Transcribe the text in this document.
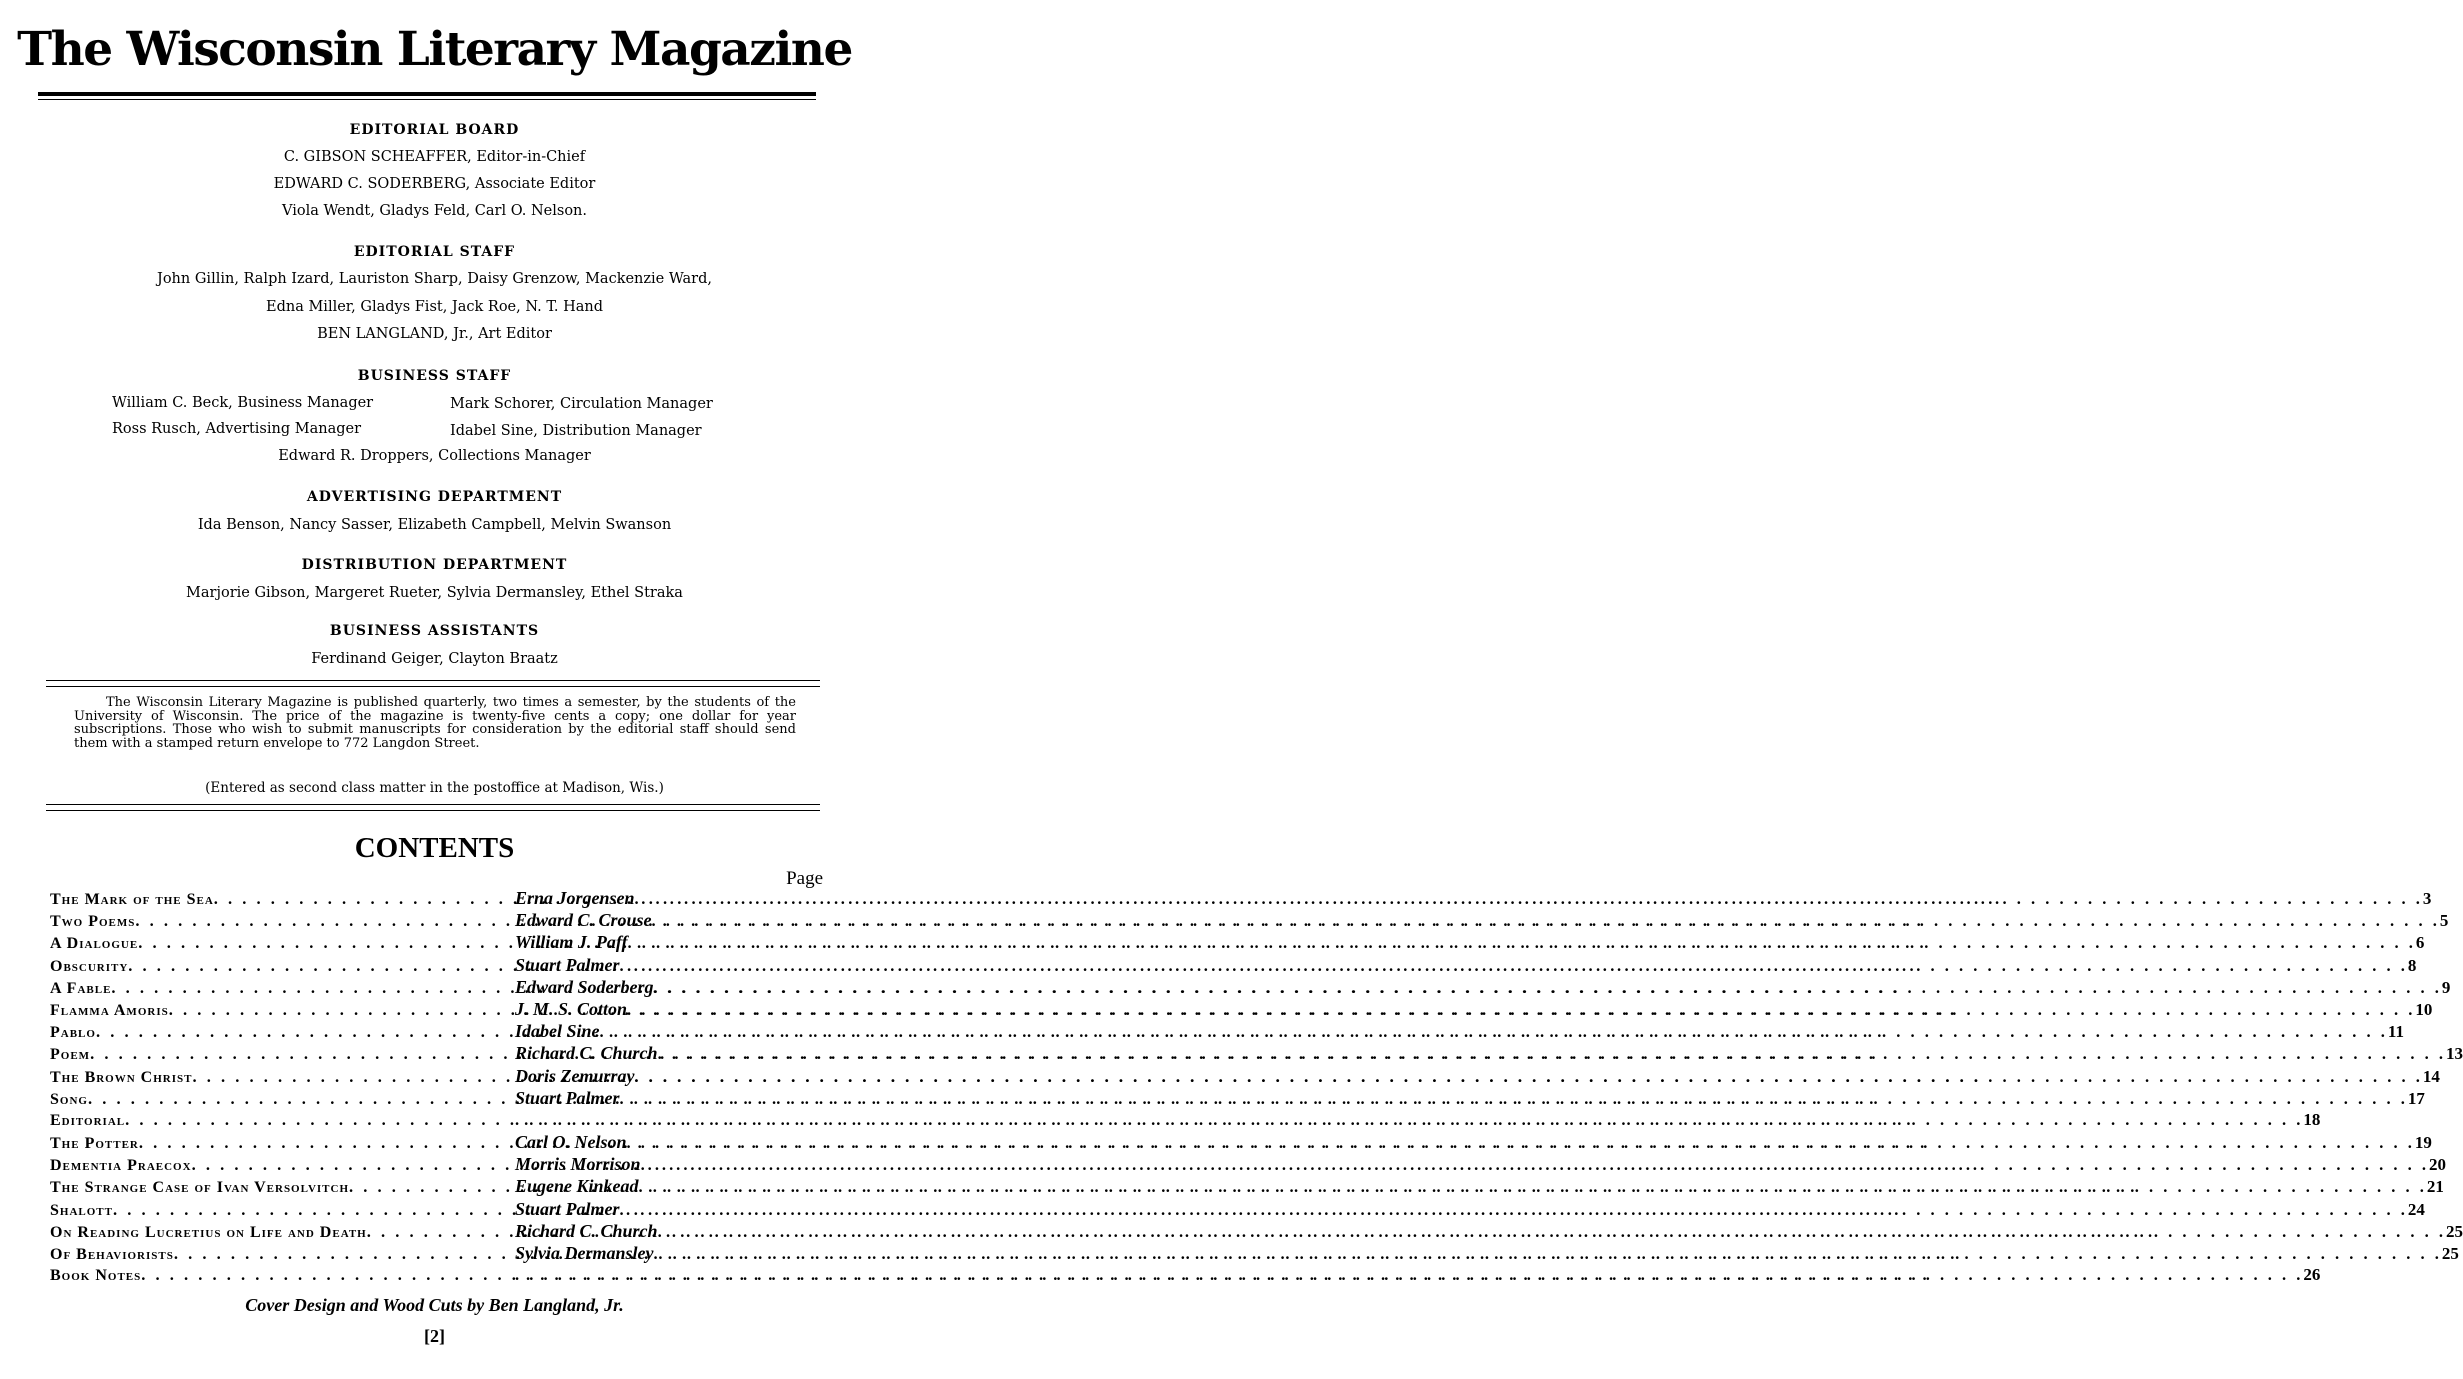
The Wisconsin Literary Magazine
EDITORIAL BOARD
C. GIBSON SCHEAFFER, Editor-in-Chief
EDWARD C. SODERBERG, Associate Editor
Viola Wendt, Gladys Feld, Carl O. Nelson.
EDITORIAL STAFF
John Gillin, Ralph Izard, Lauriston Sharp, Daisy Grenzow, Mackenzie Ward,
Edna Miller, Gladys Fist, Jack Roe, N. T. Hand
BEN LANGLAND, Jr., Art Editor
BUSINESS STAFF
William C. Beck, Business Manager	Mark Schorer, Circulation Manager
Ross Rusch, Advertising Manager	Idabel Sine, Distribution Manager
Edward R. Droppers, Collections Manager
ADVERTISING DEPARTMENT
Ida Benson, Nancy Sasser, Elizabeth Campbell, Melvin Swanson
DISTRIBUTION DEPARTMENT
Marjorie Gibson, Margeret Rueter, Sylvia Dermansley, Ethel Straka
BUSINESS ASSISTANTS
Ferdinand Geiger, Clayton Braatz

The Wisconsin Literary Magazine is published quarterly, two times a semester, by the students of the University of Wisconsin. The price of the magazine is twenty-five cents a copy; one dollar for year subscriptions. Those who wish to submit manuscripts for consideration by the editorial staff should send them with a stamped return envelope to 772 Langdon Street.

(Entered as second class matter in the postoffice at Madison, Wis.)
CONTENTS
Page
The Mark of the Sea . . .	Erna Jorgensen . . .	3
Two Poems . . .	Edward C. Crouse . . .	5
A Dialogue . . .	William J. Paff . . .	6
Obscurity . . .	Stuart Palmer . . .	8
A Fable . . .	Edward Soderberg . . .	9
Flamma Amoris . . .	J. M. S. Cotton . . .	10
Pablo . . .	Idabel Sine . . .	11
Poem . . .	Richard C. Church . . .	13
The Brown Christ . . .	Doris Zemurray . . .	14
Song . . .	Stuart Palmer . . .	17
Editorial . . . . . .	18
The Potter . . .	Carl O. Nelson . . .	19
Dementia Praecox . . .	Morris Morrison . . .	20
The Strange Case of Ivan Versolvitch . . .	Eugene Kinkead . . .	21
Shalott . . .	Stuart Palmer . . .	24
On Reading Lucretius on Life and Death . . .	Richard C. Church . . .	25
Of Behaviorists . . .	Sylvia Dermansley . . .	25
Book Notes . . . . . .	26
Cover Design and Wood Cuts by Ben Langland, Jr.
[2]
